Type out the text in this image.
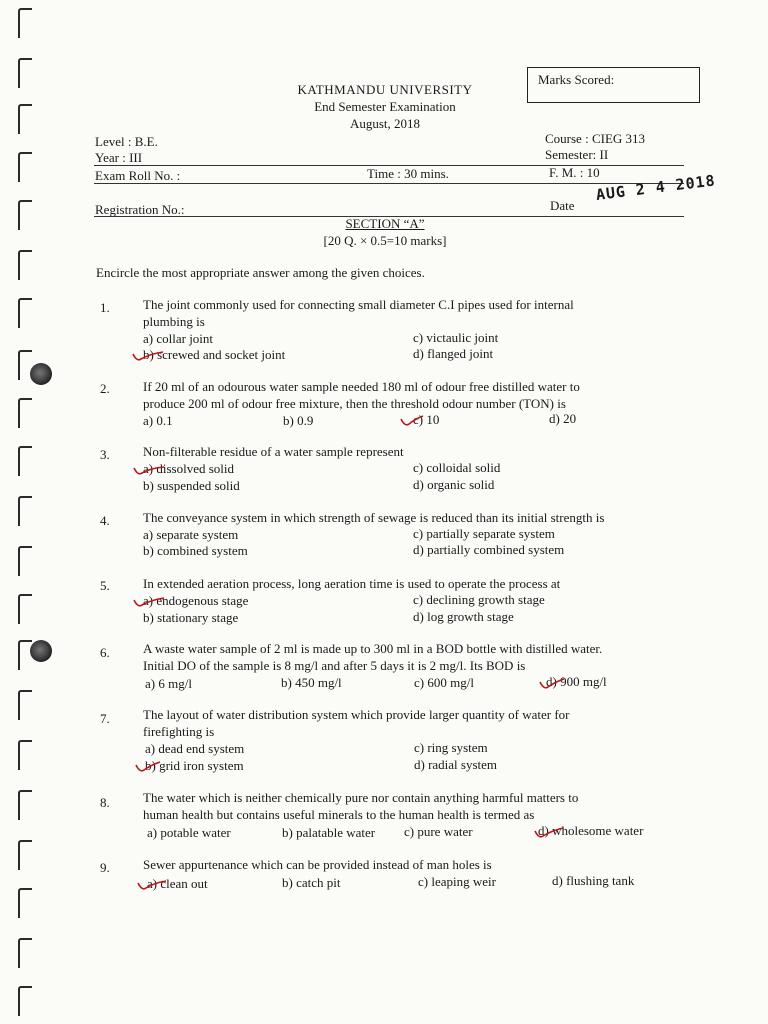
KATHMANDU UNIVERSITY
End Semester Examination
August, 2018
Marks Scored:
Level : B.E.
Year : III
Course : CIEG 313
Semester: II
Exam Roll No. :	Time : 30 mins.	F. M. : 10
Registration No.:	Date
AUG 2 4 2018
SECTION “A”
[20 Q. × 0.5=10 marks]
Encircle the most appropriate answer among the given choices.
1.	The joint commonly used for connecting small diameter C.I pipes used for internal
plumbing is
a) collar joint	c) victaulic joint
b) screwed and socket joint	d) flanged joint
2.	If 20 ml of an odourous water sample needed 180 ml of odour free distilled water to
produce 200 ml of odour free mixture, then the threshold odour number (TON) is
a) 0.1	b) 0.9	c) 10	d) 20
3.	Non-filterable residue of a water sample represent
a) dissolved solid	c) colloidal solid
b) suspended solid	d) organic solid
4.	The conveyance system in which strength of sewage is reduced than its initial strength is
a) separate system	c) partially separate system
b) combined system	d) partially combined system
5.	In extended aeration process, long aeration time is used to operate the process at
a) endogenous stage	c) declining growth stage
b) stationary stage	d) log growth stage
6.	A waste water sample of 2 ml is made up to 300 ml in a BOD bottle with distilled water.
Initial DO of the sample is 8 mg/l and after 5 days it is 2 mg/l. Its BOD is
a) 6 mg/l	b) 450 mg/l	c) 600 mg/l	d) 900 mg/l
7.	The layout of water distribution system which provide larger quantity of water for
firefighting is
a) dead end system	c) ring system
b) grid iron system	d) radial system
8.	The water which is neither chemically pure nor contain anything harmful matters to
human health but contains useful minerals to the human health is termed as
a) potable water	b) palatable water c) pure water	d) wholesome water
9.	Sewer appurtenance which can be provided instead of man holes is
a) clean out	b) catch pit	c) leaping weir	d) flushing tank
